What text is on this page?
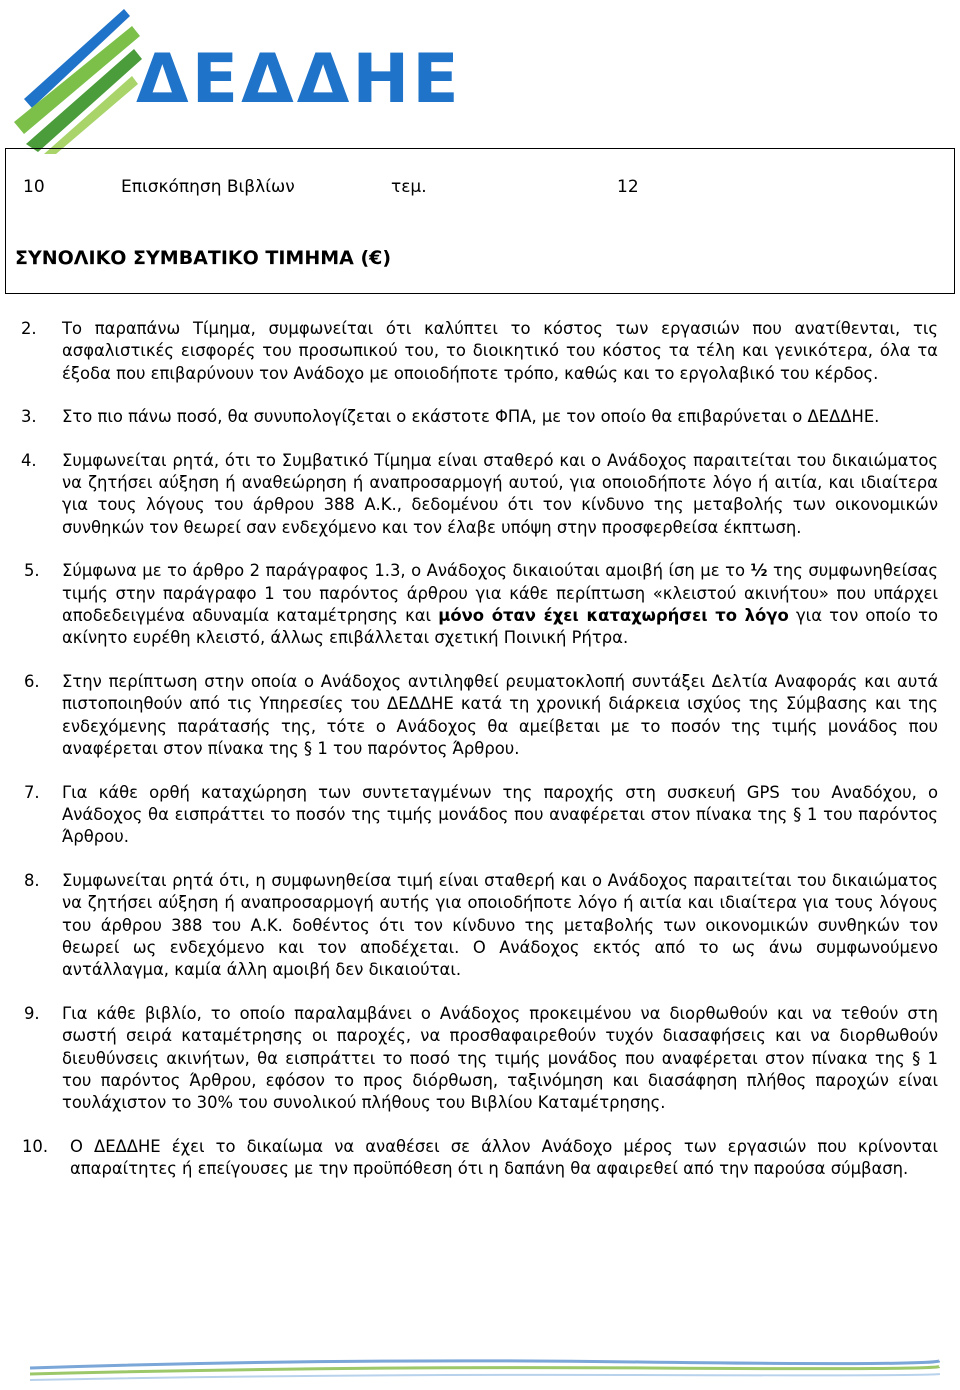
ΔΕΔΔΗΕ
10	Επισκόπηση Βιβλίων	τεμ.	12
ΣΥΝΟΛΙΚΟ ΣΥΜΒΑΤΙΚΟ ΤΙΜΗΜΑ (€)
2. Το παραπάνω Τίμημα, συμφωνείται ότι καλύπτει το κόστος των εργασιών που ανατίθενται, τις ασφαλιστικές εισφορές του προσωπικού του, το διοικητικό του κόστος τα τέλη και γενικότερα, όλα τα έξοδα που επιβαρύνουν τον Ανάδοχο με οποιοδήποτε τρόπο, καθώς και το εργολαβικό του κέρδος.
3. Στο πιο πάνω ποσό, θα συνυπολογίζεται ο εκάστοτε ΦΠΑ, με τον οποίο θα επιβαρύνεται ο ΔΕΔΔΗΕ.
4. Συμφωνείται ρητά, ότι το Συμβατικό Τίμημα είναι σταθερό και ο Ανάδοχος παραιτείται του δικαιώματος να ζητήσει αύξηση ή αναθεώρηση ή αναπροσαρμογή αυτού, για οποιοδήποτε λόγο ή αιτία, και ιδιαίτερα για τους λόγους του άρθρου 388 Α.Κ., δεδομένου ότι τον κίνδυνο της μεταβολής των οικονομικών συνθηκών τον θεωρεί σαν ενδεχόμενο και τον έλαβε υπόψη στην προσφερθείσα έκπτωση.
5. Σύμφωνα με το άρθρο 2 παράγραφος 1.3, ο Ανάδοχος δικαιούται αμοιβή ίση με το ½ της συμφωνηθείσας τιμής στην παράγραφο 1 του παρόντος άρθρου για κάθε περίπτωση «κλειστού ακινήτου» που υπάρχει αποδεδειγμένα αδυναμία καταμέτρησης και μόνο όταν έχει καταχωρήσει το λόγο για τον οποίο το ακίνητο ευρέθη κλειστό, άλλως επιβάλλεται σχετική Ποινική Ρήτρα.
6. Στην περίπτωση στην οποία ο Ανάδοχος αντιληφθεί ρευματοκλοπή συντάξει Δελτία Αναφοράς και αυτά πιστοποιηθούν από τις Υπηρεσίες του ΔΕΔΔΗΕ κατά τη χρονική διάρκεια ισχύος της Σύμβασης και της ενδεχόμενης παράτασής της, τότε ο Ανάδοχος θα αμείβεται με το ποσόν της τιμής μονάδος που αναφέρεται στον πίνακα της § 1 του παρόντος Άρθρου.
7. Για κάθε ορθή καταχώρηση των συντεταγμένων της παροχής στη συσκευή GPS του Αναδόχου, ο Ανάδοχος θα εισπράττει το ποσόν της τιμής μονάδος που αναφέρεται στον πίνακα της § 1 του παρόντος Άρθρου.
8. Συμφωνείται ρητά ότι, η συμφωνηθείσα τιμή είναι σταθερή και ο Ανάδοχος παραιτείται του δικαιώματος να ζητήσει αύξηση ή αναπροσαρμογή αυτής για οποιοδήποτε λόγο ή αιτία και ιδιαίτερα για τους λόγους του άρθρου 388 του Α.Κ. δοθέντος ότι τον κίνδυνο της μεταβολής των οικονομικών συνθηκών τον θεωρεί ως ενδεχόμενο και τον αποδέχεται. Ο Ανάδοχος εκτός από το ως άνω συμφωνούμενο αντάλλαγμα, καμία άλλη αμοιβή δεν δικαιούται.
9. Για κάθε βιβλίο, το οποίο παραλαμβάνει ο Ανάδοχος προκειμένου να διορθωθούν και να τεθούν στη σωστή σειρά καταμέτρησης οι παροχές, να προσθαφαιρεθούν τυχόν διασαφήσεις και να διορθωθούν διευθύνσεις ακινήτων, θα εισπράττει το ποσό της τιμής μονάδος που αναφέρεται στον πίνακα της § 1 του παρόντος Άρθρου, εφόσον το προς διόρθωση, ταξινόμηση και διασάφηση πλήθος παροχών είναι τουλάχιστον το 30% του συνολικού πλήθους του Βιβλίου Καταμέτρησης.
10. Ο ΔΕΔΔΗΕ έχει το δικαίωμα να αναθέσει σε άλλον Ανάδοχο μέρος των εργασιών που κρίνονται απαραίτητες ή επείγουσες με την προϋπόθεση ότι η δαπάνη θα αφαιρεθεί από την παρούσα σύμβαση.
